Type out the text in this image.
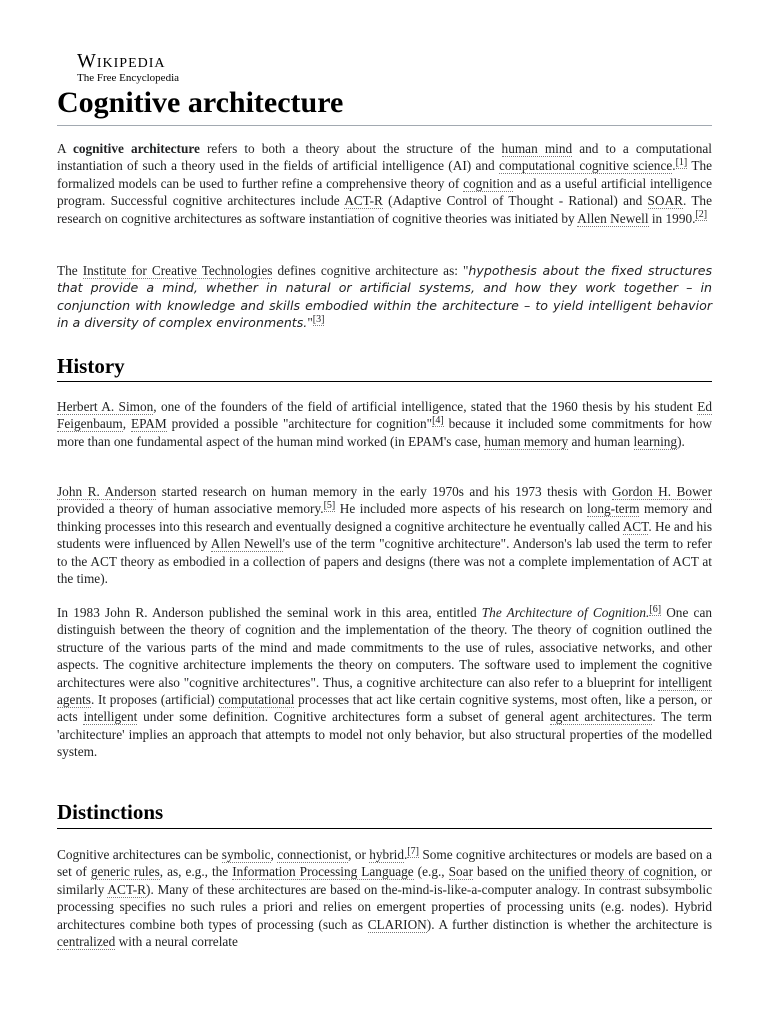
Wikipedia
The Free Encyclopedia
Cognitive architecture

A cognitive architecture refers to both a theory about the structure of the human mind and to a computational instantiation of such a theory used in the fields of artificial intelligence (AI) and computational cognitive science.[1] The formalized models can be used to further refine a comprehensive theory of cognition and as a useful artificial intelligence program. Successful cognitive architectures include ACT-R (Adaptive Control of Thought - Rational) and SOAR. The research on cognitive architectures as software instantiation of cognitive theories was initiated by Allen Newell in 1990.[2]

The Institute for Creative Technologies defines cognitive architecture as: "hypothesis about the fixed structures that provide a mind, whether in natural or artificial systems, and how they work together – in conjunction with knowledge and skills embodied within the architecture – to yield intelligent behavior in a diversity of complex environments."[3]

History

Herbert A. Simon, one of the founders of the field of artificial intelligence, stated that the 1960 thesis by his student Ed Feigenbaum, EPAM provided a possible "architecture for cognition"[4] because it included some commitments for how more than one fundamental aspect of the human mind worked (in EPAM's case, human memory and human learning).

John R. Anderson started research on human memory in the early 1970s and his 1973 thesis with Gordon H. Bower provided a theory of human associative memory.[5] He included more aspects of his research on long-term memory and thinking processes into this research and eventually designed a cognitive architecture he eventually called ACT. He and his students were influenced by Allen Newell's use of the term "cognitive architecture". Anderson's lab used the term to refer to the ACT theory as embodied in a collection of papers and designs (there was not a complete implementation of ACT at the time).

In 1983 John R. Anderson published the seminal work in this area, entitled The Architecture of Cognition.[6] One can distinguish between the theory of cognition and the implementation of the theory. The theory of cognition outlined the structure of the various parts of the mind and made commitments to the use of rules, associative networks, and other aspects. The cognitive architecture implements the theory on computers. The software used to implement the cognitive architectures were also "cognitive architectures". Thus, a cognitive architecture can also refer to a blueprint for intelligent agents. It proposes (artificial) computational processes that act like certain cognitive systems, most often, like a person, or acts intelligent under some definition. Cognitive architectures form a subset of general agent architectures. The term 'architecture' implies an approach that attempts to model not only behavior, but also structural properties of the modelled system.

Distinctions

Cognitive architectures can be symbolic, connectionist, or hybrid.[7] Some cognitive architectures or models are based on a set of generic rules, as, e.g., the Information Processing Language (e.g., Soar based on the unified theory of cognition, or similarly ACT-R). Many of these architectures are based on the-mind-is-like-a-computer analogy. In contrast subsymbolic processing specifies no such rules a priori and relies on emergent properties of processing units (e.g. nodes). Hybrid architectures combine both types of processing (such as CLARION). A further distinction is whether the architecture is centralized with a neural correlate
